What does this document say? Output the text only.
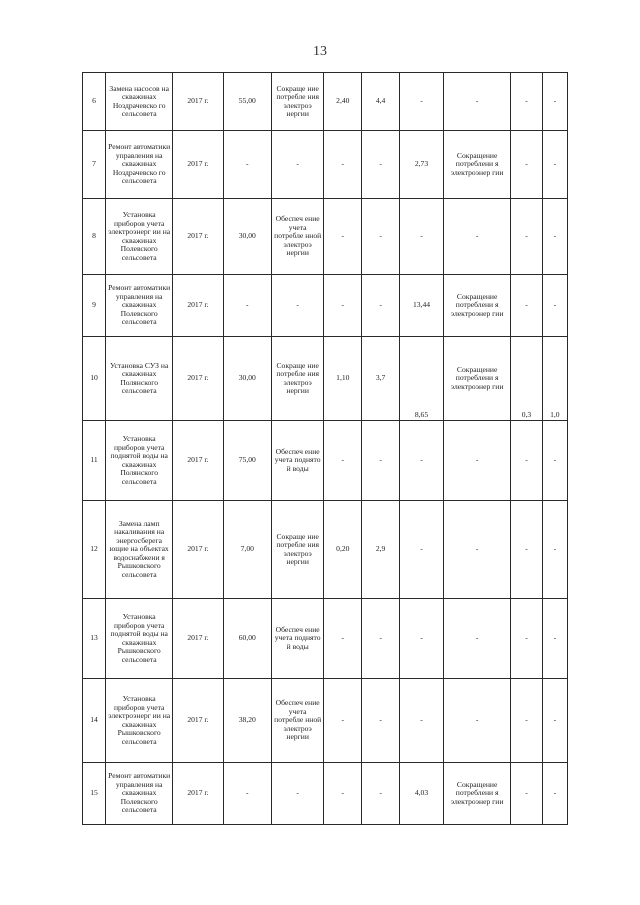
13
6	Замена насосов на скважинах Ноздрачевско го сельсовета	2017 г.	55,00	Сокраще ние потребле ния электроэ нергии	2,40	4,4	-	-	-	-

7	Ремонт автоматики управления на скважинах Ноздрачевско го сельсовета	2017 г.	-	-	-	-	2,73	Сокращение потреблени я электроэнер гии	-	-

8	Установка приборов учета электроэнерг ии на скважинах Полевского сельсовета	2017 г.	30,00	Обеспеч ение учета потребле нной электроэ нергии	-	-	-	-	-	-

9	Ремонт автоматики управления на скважинах Полевского сельсовета	2017 г.	-	-	-	-	13,44	Сокращение потреблени я электроэнер гии	-	-

10	Установка СУЗ на скважинах Полянского сельсовета	2017 г.	30,00	Сокраще ние потребле ния электроэ нергии	1,10	3,7	8,65	Сокращение потреблени я электроэнер гии	0,3	1,0

11	Установка приборов учета поднятой воды на скважинах Полянского сельсовета	2017 г.	75,00	Обеспеч ение учета поднято й воды	-	-	-	-	-	-

12	Замена ламп накаливания на энергосберега ющие на объектах водоснабжени я Рышковского сельсовета	2017 г.	7,00	Сокраще ние потребле ния электроэ нергии	0,20	2,9	-	-	-	-

13	Установка приборов учета поднятой воды на скважинах Рышковского сельсовета	2017 г.	60,00	Обеспеч ение учета поднято й воды	-	-	-	-	-	-

14	Установка приборов учета электроэнерг ии на скважинах Рышковского сельсовета	2017 г.	38,20	Обеспеч ение учета потребле нной электроэ нергии	-	-	-	-	-	-

15	Ремонт автоматики управления на скважинах Полевского сельсовета	2017 г.	-	-	-	-	4,03	Сокращение потреблени я электроэнер гии	-	-
